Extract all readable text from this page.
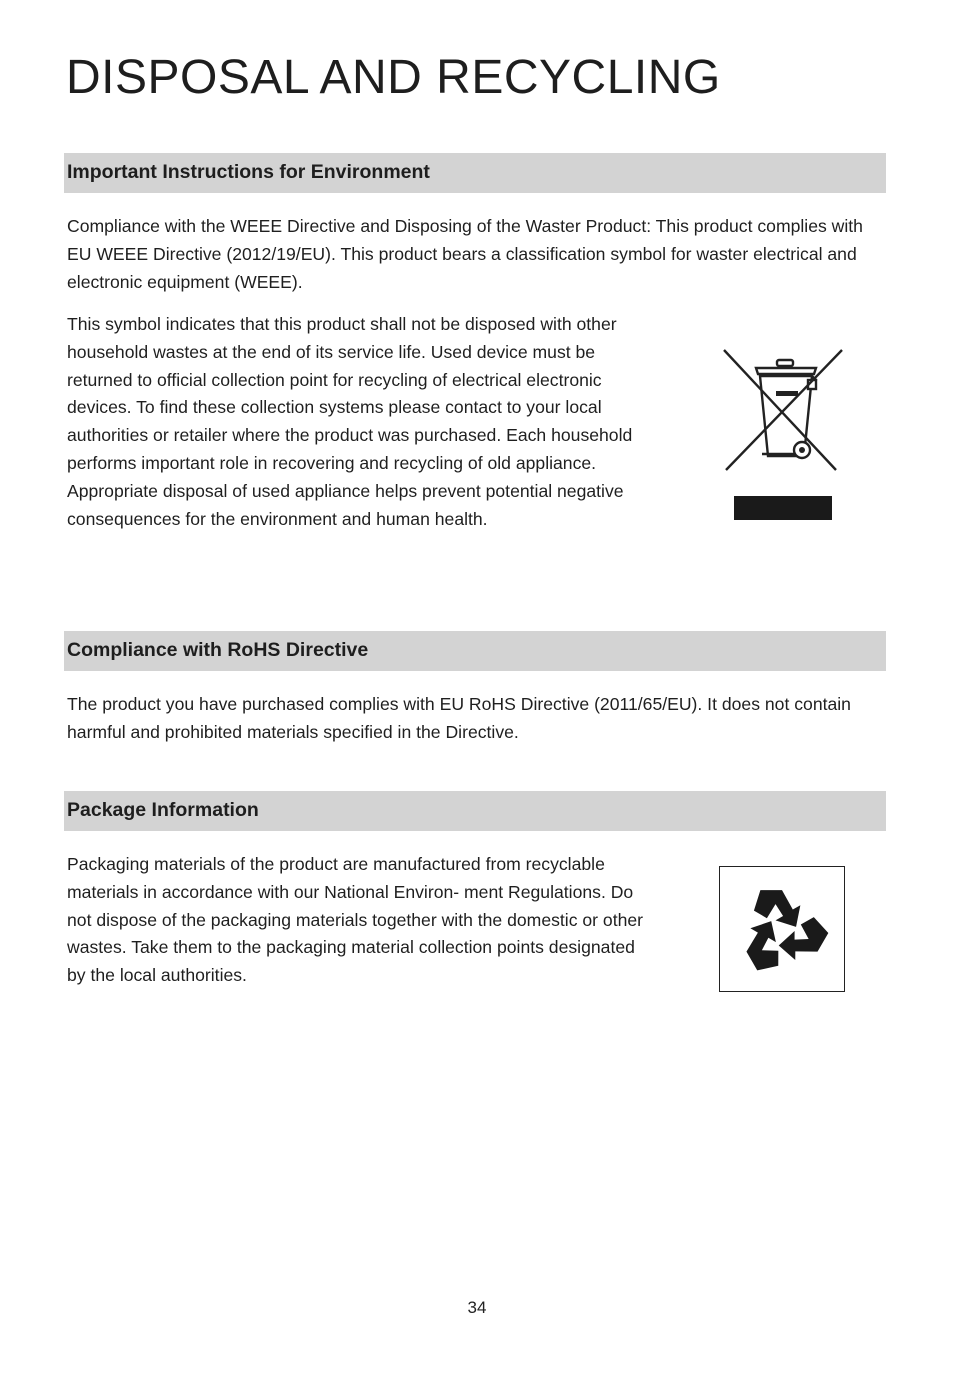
DISPOSAL AND RECYCLING
Important Instructions for Environment

Compliance with the WEEE Directive and Disposing of the Waster Product: This product complies with EU WEEE Directive (2012/19/EU). This product bears a classification symbol for waster electrical and electronic equipment (WEEE).

This symbol indicates that this product shall not be disposed with other household wastes at the end of its service life. Used device must be returned to official collection point for recycling of electrical electronic devices. To find these collection systems please contact to your local authorities or retailer where the product was purchased. Each household performs important role in recovering and recycling of old appliance. Appropriate disposal of used appliance helps prevent potential negative consequences for the environment and human health.

Compliance with RoHS Directive

The product you have purchased complies with EU RoHS Directive (2011/65/EU). It does not contain harmful and prohibited materials specified in the Directive.

Package Information

Packaging materials of the product are manufactured from recyclable materials in accordance with our National Environ- ment Regulations. Do not dispose of the packaging materials together with the domestic or other wastes. Take them to the packaging material collection points designated by the local authorities.

34
